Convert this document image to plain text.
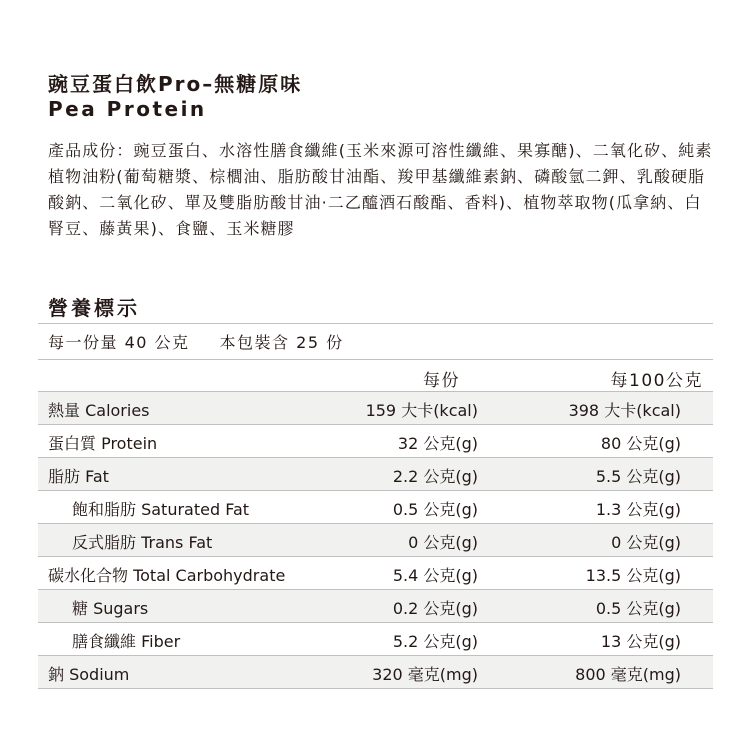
豌豆蛋白飲Pro–無糖原味
Pea Protein
產品成份：豌豆蛋白、水溶性膳食纖維(玉米來源可溶性纖維、果寡醣)、二氧化矽、純素植物油粉(葡萄糖漿、棕櫚油、脂肪酸甘油酯、羧甲基纖維素鈉、磷酸氫二鉀、乳酸硬脂酸鈉、二氧化矽、單及雙脂肪酸甘油·二乙醯酒石酸酯、香料)、植物萃取物(瓜拿納、白腎豆、藤黃果)、食鹽、玉米糖膠
營養標示
每一份量 40 公克 本包裝含 25 份
每份	每100公克
熱量 Calories	159 大卡(kcal)	398 大卡(kcal)
蛋白質 Protein	32 公克(g)	80 公克(g)
脂肪 Fat	2.2 公克(g)	5.5 公克(g)
飽和脂肪 Saturated Fat	0.5 公克(g)	1.3 公克(g)
反式脂肪 Trans Fat	0 公克(g)	0 公克(g)
碳水化合物 Total Carbohydrate	5.4 公克(g)	13.5 公克(g)
糖 Sugars	0.2 公克(g)	0.5 公克(g)
膳食纖維 Fiber	5.2 公克(g)	13 公克(g)
鈉 Sodium	320 毫克(mg)	800 毫克(mg)
